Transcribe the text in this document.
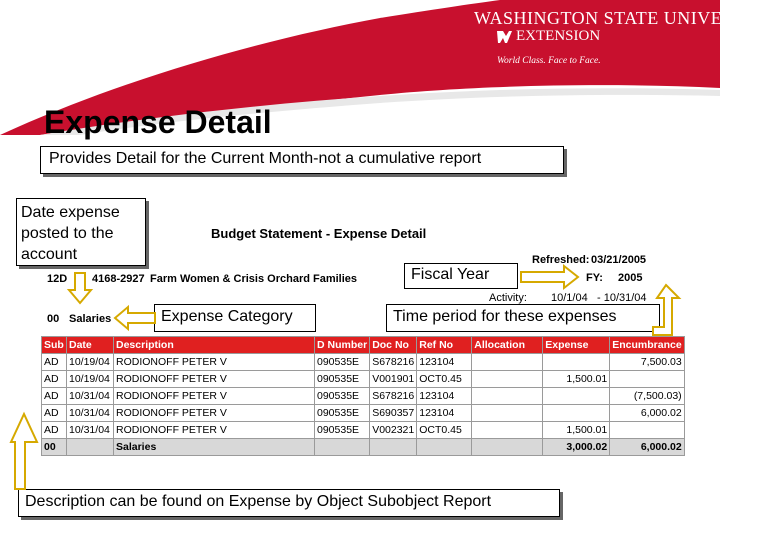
WASHINGTON STATE UNIVERSITY
EXTENSION
World Class. Face to Face.
Expense Detail
Provides Detail for the Current Month-not a cumulative report
Budget Statement - Expense Detail
Refreshed: 03/21/2005
FY: 2005
Activity: 10/1/04 - 10/31/04
12D 4168-2927 Farm Women & Crisis Orchard Families
00 Salaries
Sub	Date	Description	D Number	Doc No	Ref No	Allocation	Expense	Encumbrance
AD	10/19/04	RODIONOFF PETER V	090535E	S678216	123104			7,500.03
AD	10/19/04	RODIONOFF PETER V	090535E	V001901	OCT0.45		1,500.01	
AD	10/31/04	RODIONOFF PETER V	090535E	S678216	123104			(7,500.03)
AD	10/31/04	RODIONOFF PETER V	090535E	S690357	123104			6,000.02
AD	10/31/04	RODIONOFF PETER V	090535E	V002321	OCT0.45		1,500.01	
00		Salaries					3,000.02	6,000.02
Date expense posted to the account
Fiscal Year
Expense Category	Time period for these expenses
Description can be found on Expense by Object Subobject Report
